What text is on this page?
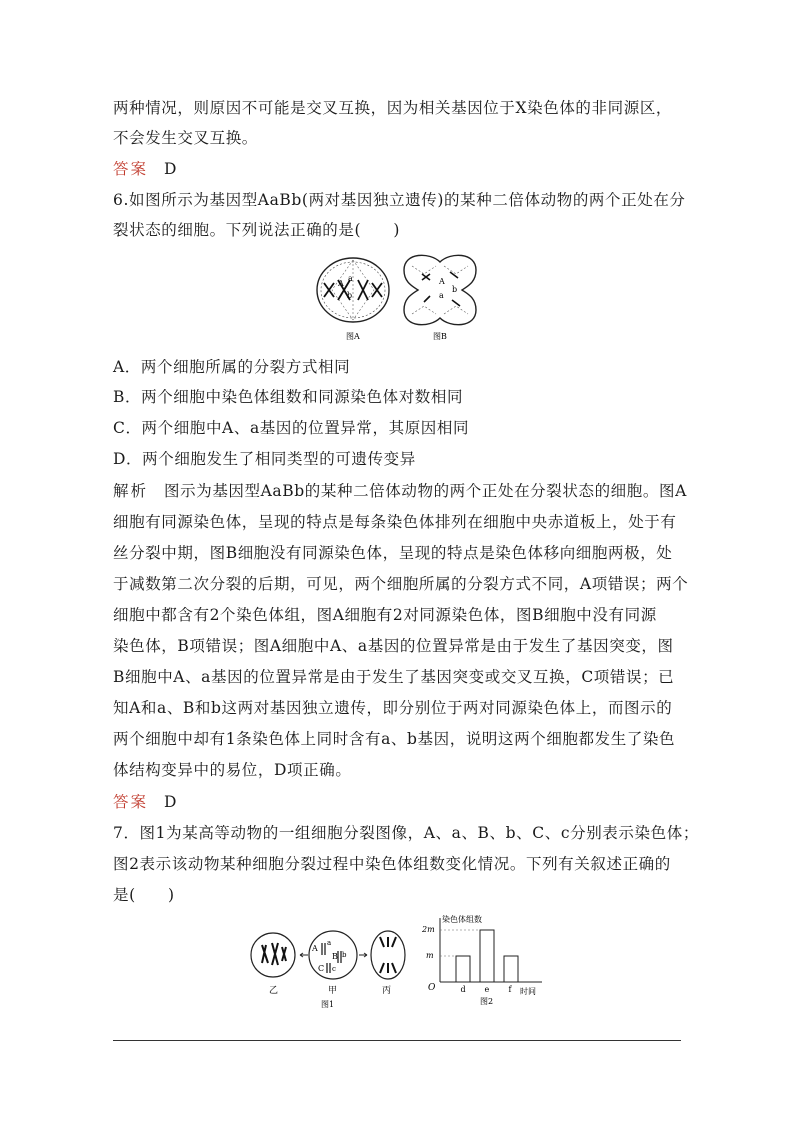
两种情况，则原因不可能是交叉互换，因为相关基因位于X染色体的非同源区，
不会发生交叉互换。
答案 D
6.如图所示为基因型AaBb(两对基因独立遗传)的某种二倍体动物的两个正处在分
裂状态的细胞。下列说法正确的是(　　)
A
a
b
图A
A
a
b
图B
A．两个细胞所属的分裂方式相同
B．两个细胞中染色体组数和同源染色体对数相同
C．两个细胞中A、a基因的位置异常，其原因相同
D．两个细胞发生了相同类型的可遗传变异
解析 图示为基因型AaBb的某种二倍体动物的两个正处在分裂状态的细胞。图A
细胞有同源染色体，呈现的特点是每条染色体排列在细胞中央赤道板上，处于有
丝分裂中期，图B细胞没有同源染色体，呈现的特点是染色体移向细胞两极，处
于减数第二次分裂的后期，可见，两个细胞所属的分裂方式不同，A项错误；两个
细胞中都含有2个染色体组，图A细胞有2对同源染色体，图B细胞中没有同源
染色体，B项错误；图A细胞中A、a基因的位置异常是由于发生了基因突变，图
B细胞中A、a基因的位置异常是由于发生了基因突变或交叉互换，C项错误；已
知A和a、B和b这两对基因独立遗传，即分别位于两对同源染色体上，而图示的
两个细胞中却有1条染色体上同时含有a、b基因，说明这两个细胞都发生了染色
体结构变异中的易位，D项正确。
答案 D
7．图1为某高等动物的一组细胞分裂图像，A、a、B、b、C、c分别表示染色体；
图2表示该动物某种细胞分裂过程中染色体组数变化情况。下列有关叙述正确的
是(　　)
乙
A
a
B b
C c
甲	丙
图1
染色体组数
2m
m
O	时间
d e f
图2
